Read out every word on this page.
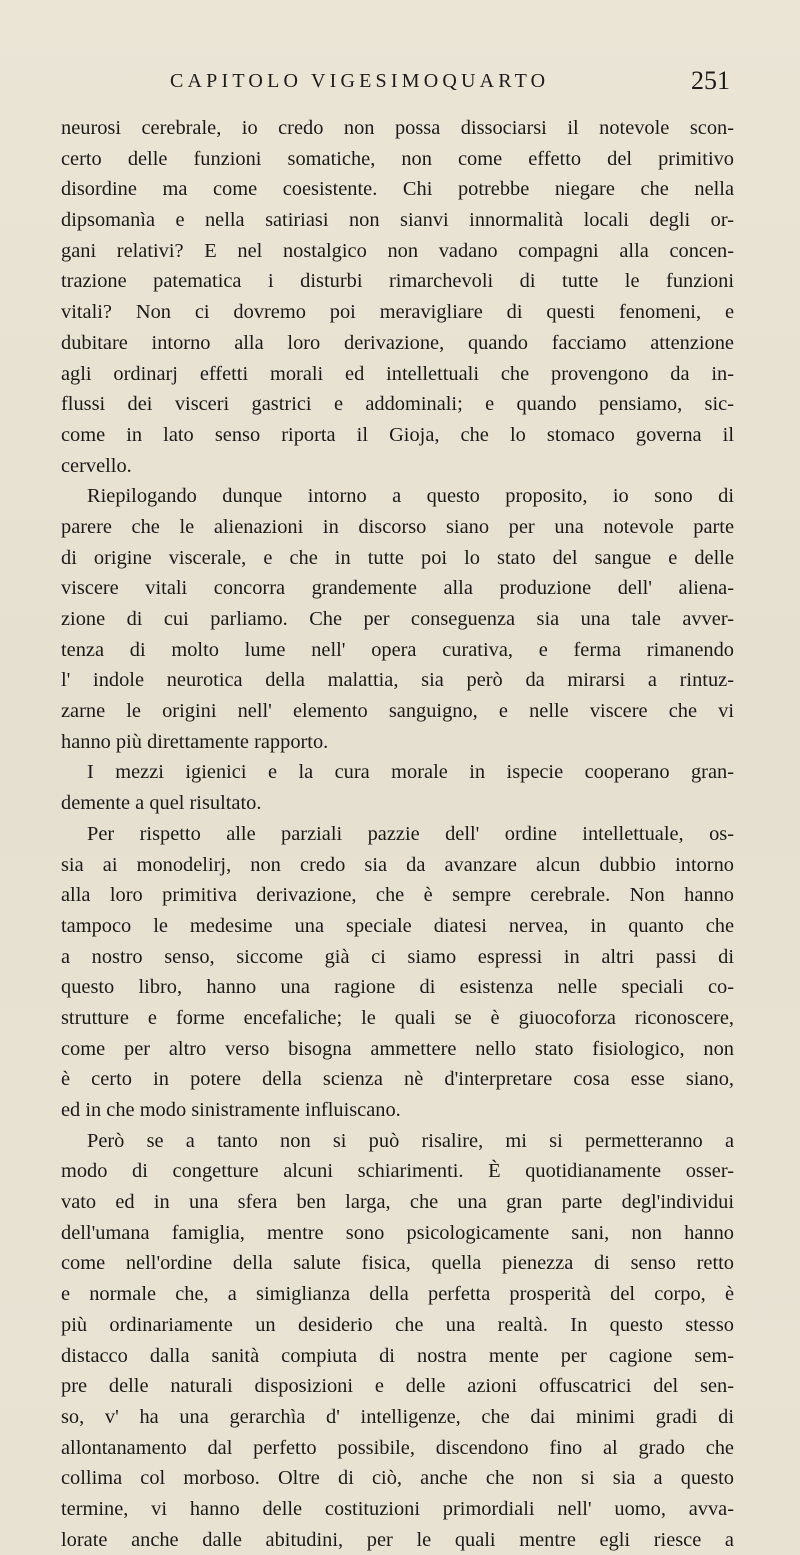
CAPITOLO VIGESIMOQUARTO	251
neurosi cerebrale, io credo non possa dissociarsi il notevole scon-
certo delle funzioni somatiche, non come effetto del primitivo
disordine ma come coesistente. Chi potrebbe niegare che nella
dipsomanìa e nella satiriasi non sianvi innormalità locali degli or-
gani relativi? E nel nostalgico non vadano compagni alla concen-
trazione patematica i disturbi rimarchevoli di tutte le funzioni
vitali? Non ci dovremo poi meravigliare di questi fenomeni, e
dubitare intorno alla loro derivazione, quando facciamo attenzione
agli ordinarj effetti morali ed intellettuali che provengono da in-
flussi dei visceri gastrici e addominali; e quando pensiamo, sic-
come in lato senso riporta il Gioja, che lo stomaco governa il
cervello.
Riepilogando dunque intorno a questo proposito, io sono di
parere che le alienazioni in discorso siano per una notevole parte
di origine viscerale, e che in tutte poi lo stato del sangue e delle
viscere vitali concorra grandemente alla produzione dell' aliena-
zione di cui parliamo. Che per conseguenza sia una tale avver-
tenza di molto lume nell' opera curativa, e ferma rimanendo
l' indole neurotica della malattia, sia però da mirarsi a rintuz-
zarne le origini nell' elemento sanguigno, e nelle viscere che vi
hanno più direttamente rapporto.
I mezzi igienici e la cura morale in ispecie cooperano gran-
demente a quel risultato.
Per rispetto alle parziali pazzie dell' ordine intellettuale, os-
sia ai monodelirj, non credo sia da avanzare alcun dubbio intorno
alla loro primitiva derivazione, che è sempre cerebrale. Non hanno
tampoco le medesime una speciale diatesi nervea, in quanto che
a nostro senso, siccome già ci siamo espressi in altri passi di
questo libro, hanno una ragione di esistenza nelle speciali co-
strutture e forme encefaliche; le quali se è giuocoforza riconoscere,
come per altro verso bisogna ammettere nello stato fisiologico, non
è certo in potere della scienza nè d'interpretare cosa esse siano,
ed in che modo sinistramente influiscano.
Però se a tanto non si può risalire, mi si permetteranno a
modo di congetture alcuni schiarimenti. È quotidianamente osser-
vato ed in una sfera ben larga, che una gran parte degl'individui
dell'umana famiglia, mentre sono psicologicamente sani, non hanno
come nell'ordine della salute fisica, quella pienezza di senso retto
e normale che, a simiglianza della perfetta prosperità del corpo, è
più ordinariamente un desiderio che una realtà. In questo stesso
distacco dalla sanità compiuta di nostra mente per cagione sem-
pre delle naturali disposizioni e delle azioni offuscatrici del sen-
so, v' ha una gerarchìa d' intelligenze, che dai minimi gradi di
allontanamento dal perfetto possibile, discendono fino al grado che
collima col morboso. Oltre di ciò, anche che non si sia a questo
termine, vi hanno delle costituzioni primordiali nell' uomo, avva-
lorate anche dalle abitudini, per le quali mentre egli riesce a
